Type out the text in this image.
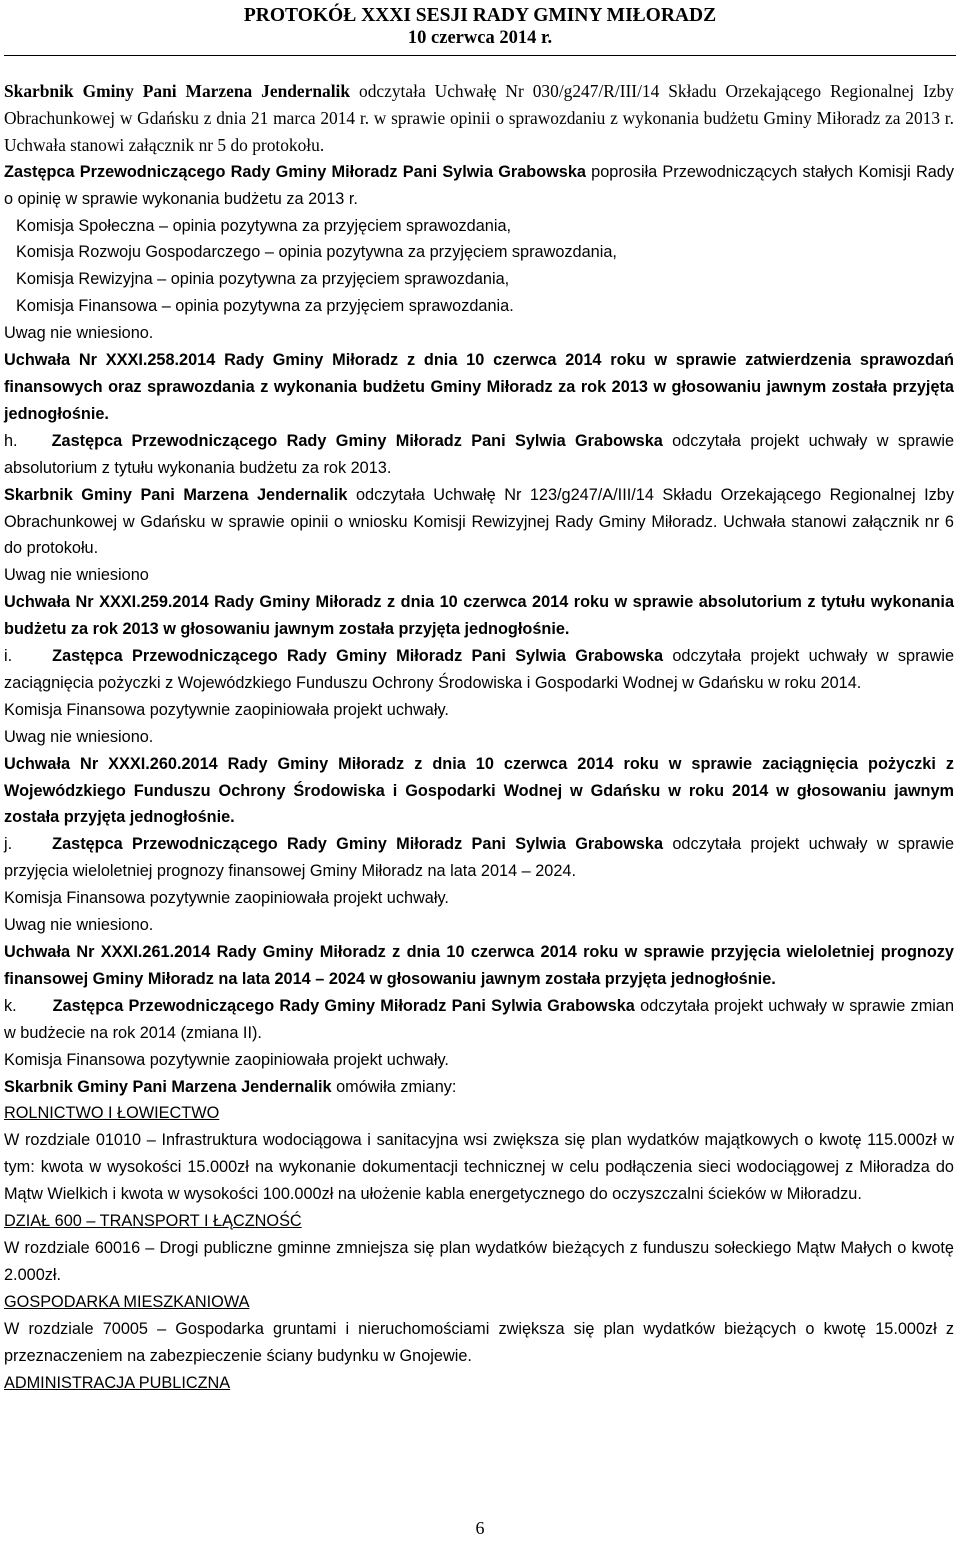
PROTOKÓŁ XXXI SESJI RADY GMINY MIŁORADZ
10 czerwca 2014 r.

Skarbnik Gminy Pani Marzena Jendernalik odczytała Uchwałę Nr 030/g247/R/III/14 Składu Orzekającego Regionalnej Izby Obrachunkowej w Gdańsku z dnia 21 marca 2014 r. w sprawie opinii o sprawozdaniu z wykonania budżetu Gminy Miłoradz za 2013 r. Uchwała stanowi załącznik nr 5 do protokołu.

Zastępca Przewodniczącego Rady Gminy Miłoradz Pani Sylwia Grabowska poprosiła Przewodniczących stałych Komisji Rady o opinię w sprawie wykonania budżetu za 2013 r.

Komisja Społeczna – opinia pozytywna za przyjęciem sprawozdania,

Komisja Rozwoju Gospodarczego – opinia pozytywna za przyjęciem sprawozdania,

Komisja Rewizyjna – opinia pozytywna za przyjęciem sprawozdania,

Komisja Finansowa – opinia pozytywna za przyjęciem sprawozdania.

Uwag nie wniesiono.

Uchwała Nr XXXI.258.2014 Rady Gminy Miłoradz z dnia 10 czerwca 2014 roku w sprawie zatwierdzenia sprawozdań finansowych oraz sprawozdania z wykonania budżetu Gminy Miłoradz za rok 2013 w głosowaniu jawnym została przyjęta jednogłośnie.

h. Zastępca Przewodniczącego Rady Gminy Miłoradz Pani Sylwia Grabowska odczytała projekt uchwały w sprawie absolutorium z tytułu wykonania budżetu za rok 2013.

Skarbnik Gminy Pani Marzena Jendernalik odczytała Uchwałę Nr 123/g247/A/III/14 Składu Orzekającego Regionalnej Izby Obrachunkowej w Gdańsku w sprawie opinii o wniosku Komisji Rewizyjnej Rady Gminy Miłoradz. Uchwała stanowi załącznik nr 6 do protokołu.

Uwag nie wniesiono

Uchwała Nr XXXI.259.2014 Rady Gminy Miłoradz z dnia 10 czerwca 2014 roku w sprawie absolutorium z tytułu wykonania budżetu za rok 2013 w głosowaniu jawnym została przyjęta jednogłośnie.

i. Zastępca Przewodniczącego Rady Gminy Miłoradz Pani Sylwia Grabowska odczytała projekt uchwały w sprawie zaciągnięcia pożyczki z Wojewódzkiego Funduszu Ochrony Środowiska i Gospodarki Wodnej w Gdańsku w roku 2014.

Komisja Finansowa pozytywnie zaopiniowała projekt uchwały.

Uwag nie wniesiono.

Uchwała Nr XXXI.260.2014 Rady Gminy Miłoradz z dnia 10 czerwca 2014 roku w sprawie zaciągnięcia pożyczki z Wojewódzkiego Funduszu Ochrony Środowiska i Gospodarki Wodnej w Gdańsku w roku 2014 w głosowaniu jawnym została przyjęta jednogłośnie.

j. Zastępca Przewodniczącego Rady Gminy Miłoradz Pani Sylwia Grabowska odczytała projekt uchwały w sprawie przyjęcia wieloletniej prognozy finansowej Gminy Miłoradz na lata 2014 – 2024.

Komisja Finansowa pozytywnie zaopiniowała projekt uchwały.

Uwag nie wniesiono.

Uchwała Nr XXXI.261.2014 Rady Gminy Miłoradz z dnia 10 czerwca 2014 roku w sprawie przyjęcia wieloletniej prognozy finansowej Gminy Miłoradz na lata 2014 – 2024 w głosowaniu jawnym została przyjęta jednogłośnie.

k. Zastępca Przewodniczącego Rady Gminy Miłoradz Pani Sylwia Grabowska odczytała projekt uchwały w sprawie zmian w budżecie na rok 2014 (zmiana II).

Komisja Finansowa pozytywnie zaopiniowała projekt uchwały.

Skarbnik Gminy Pani Marzena Jendernalik omówiła zmiany:

ROLNICTWO I ŁOWIECTWO

W rozdziale 01010 – Infrastruktura wodociągowa i sanitacyjna wsi zwiększa się plan wydatków majątkowych o kwotę 115.000zł w tym: kwota w wysokości 15.000zł na wykonanie dokumentacji technicznej w celu podłączenia sieci wodociągowej z Miłoradza do Mątw Wielkich i kwota w wysokości 100.000zł na ułożenie kabla energetycznego do oczyszczalni ścieków w Miłoradzu.

DZIAŁ 600 – TRANSPORT I ŁĄCZNOŚĆ

W rozdziale 60016 – Drogi publiczne gminne zmniejsza się plan wydatków bieżących z funduszu sołeckiego Mątw Małych o kwotę 2.000zł.

GOSPODARKA MIESZKANIOWA

W rozdziale 70005 – Gospodarka gruntami i nieruchomościami zwiększa się plan wydatków bieżących o kwotę 15.000zł z przeznaczeniem na zabezpieczenie ściany budynku w Gnojewie.

ADMINISTRACJA PUBLICZNA

6
